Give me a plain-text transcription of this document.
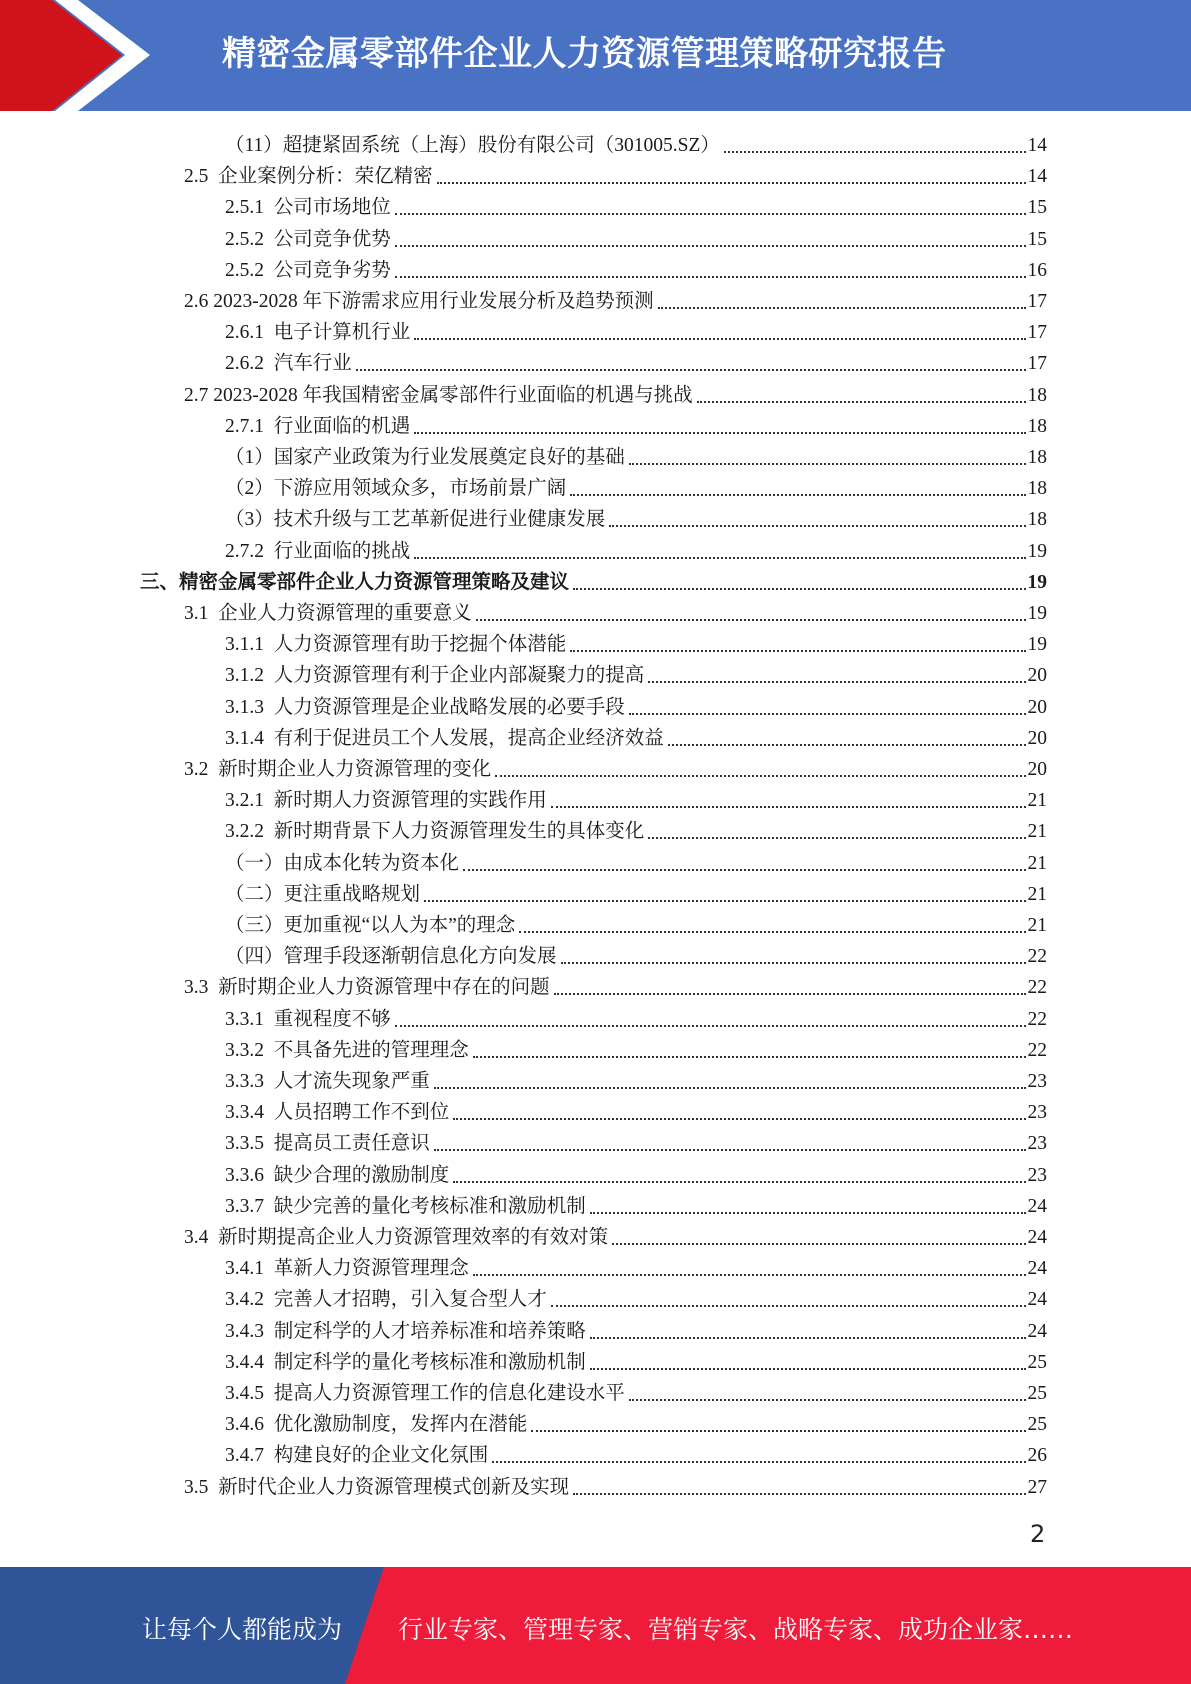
精密金属零部件企业人力资源管理策略研究报告
（11）超捷紧固系统（上海）股份有限公司（301005.SZ）	14
2.5  企业案例分析：荣亿精密	14
2.5.1  公司市场地位	15
2.5.2  公司竞争优势	15
2.5.2  公司竞争劣势	16
2.6 2023-2028 年下游需求应用行业发展分析及趋势预测	17
2.6.1  电子计算机行业	17
2.6.2  汽车行业	17
2.7 2023-2028 年我国精密金属零部件行业面临的机遇与挑战	18
2.7.1  行业面临的机遇	18
（1）国家产业政策为行业发展奠定良好的基础	18
（2）下游应用领域众多，市场前景广阔	18
（3）技术升级与工艺革新促进行业健康发展	18
2.7.2  行业面临的挑战	19
三、精密金属零部件企业人力资源管理策略及建议	19
3.1  企业人力资源管理的重要意义	19
3.1.1  人力资源管理有助于挖掘个体潜能	19
3.1.2  人力资源管理有利于企业内部凝聚力的提高	20
3.1.3  人力资源管理是企业战略发展的必要手段	20
3.1.4  有利于促进员工个人发展，提高企业经济效益	20
3.2  新时期企业人力资源管理的变化	20
3.2.1  新时期人力资源管理的实践作用	21
3.2.2  新时期背景下人力资源管理发生的具体变化	21
（一）由成本化转为资本化	21
（二）更注重战略规划	21
（三）更加重视“以人为本”的理念	21
（四）管理手段逐渐朝信息化方向发展	22
3.3  新时期企业人力资源管理中存在的问题	22
3.3.1  重视程度不够	22
3.3.2  不具备先进的管理理念	22
3.3.3  人才流失现象严重	23
3.3.4  人员招聘工作不到位	23
3.3.5  提高员工责任意识	23
3.3.6  缺少合理的激励制度	23
3.3.7  缺少完善的量化考核标准和激励机制	24
3.4  新时期提高企业人力资源管理效率的有效对策	24
3.4.1  革新人力资源管理理念	24
3.4.2  完善人才招聘，引入复合型人才	24
3.4.3  制定科学的人才培养标准和培养策略	24
3.4.4  制定科学的量化考核标准和激励机制	25
3.4.5  提高人力资源管理工作的信息化建设水平	25
3.4.6  优化激励制度，发挥内在潜能	25
3.4.7  构建良好的企业文化氛围	26
3.5  新时代企业人力资源管理模式创新及实现	27
2
让每个人都能成为 行业专家、管理专家、营销专家、战略专家、成功企业家……
